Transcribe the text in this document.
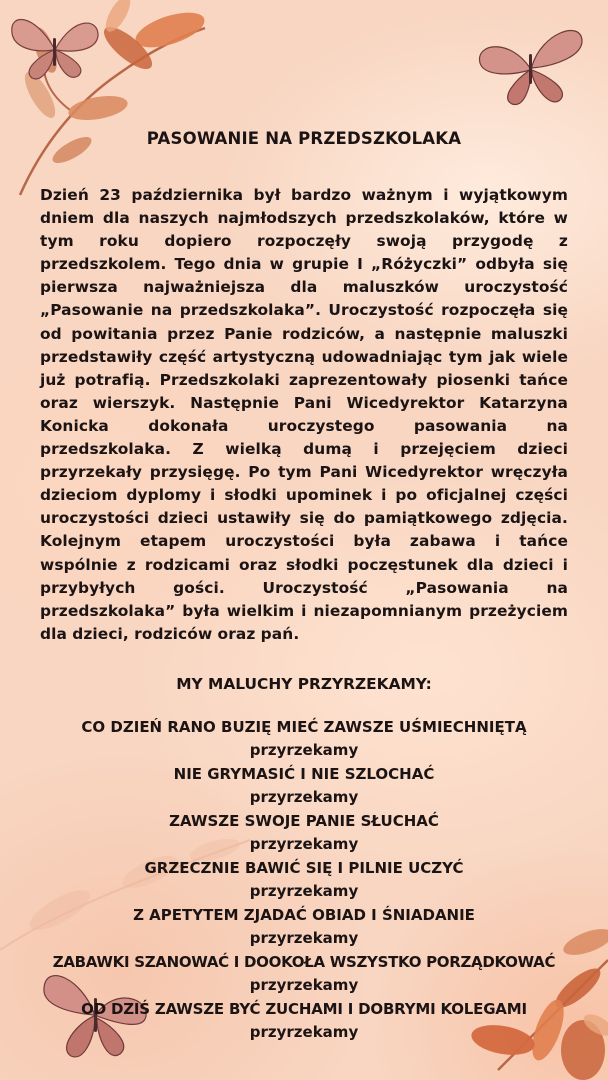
PASOWANIE NA PRZEDSZKOLAKA

Dzień 23 października był bardzo ważnym i wyjątkowym dniem dla naszych najmłodszych przedszkolaków, które w tym roku dopiero rozpoczęły swoją przygodę z przedszkolem. Tego dnia w grupie I „Różyczki” odbyła się pierwsza najważniejsza dla maluszków uroczystość „Pasowanie na przedszkolaka”. Uroczystość rozpoczęła się od powitania przez Panie rodziców, a następnie maluszki przedstawiły część artystyczną udowadniając tym jak wiele już potrafią. Przedszkolaki zaprezentowały piosenki tańce oraz wierszyk. Następnie Pani Wicedyrektor Katarzyna Konicka dokonała uroczystego pasowania na przedszkolaka. Z wielką dumą i przejęciem dzieci przyrzekały przysięgę. Po tym Pani Wicedyrektor wręczyła dzieciom dyplomy i słodki upominek i po oficjalnej części uroczystości dzieci ustawiły się do pamiątkowego zdjęcia. Kolejnym etapem uroczystości była zabawa i tańce wspólnie z rodzicami oraz słodki poczęstunek dla dzieci i przybyłych gości. Uroczystość „Pasowania na przedszkolaka” była wielkim i niezapomnianym przeżyciem dla dzieci, rodziców oraz pań.

MY MALUCHY PRZYRZEKAMY:
CO DZIEŃ RANO BUZIĘ MIEĆ ZAWSZE UŚMIECHNIĘTĄ
przyrzekamy
NIE GRYMASIĆ I NIE SZLOCHAĆ
przyrzekamy
ZAWSZE SWOJE PANIE SŁUCHAĆ
przyrzekamy
GRZECZNIE BAWIĆ SIĘ I PILNIE UCZYĆ
przyrzekamy
Z APETYTEM ZJADAĆ OBIAD I ŚNIADANIE
przyrzekamy
ZABAWKI SZANOWAĆ I DOOKOŁA WSZYSTKO PORZĄDKOWAĆ
przyrzekamy
OD DZIŚ ZAWSZE BYĆ ZUCHAMI I DOBRYMI KOLEGAMI
przyrzekamy
